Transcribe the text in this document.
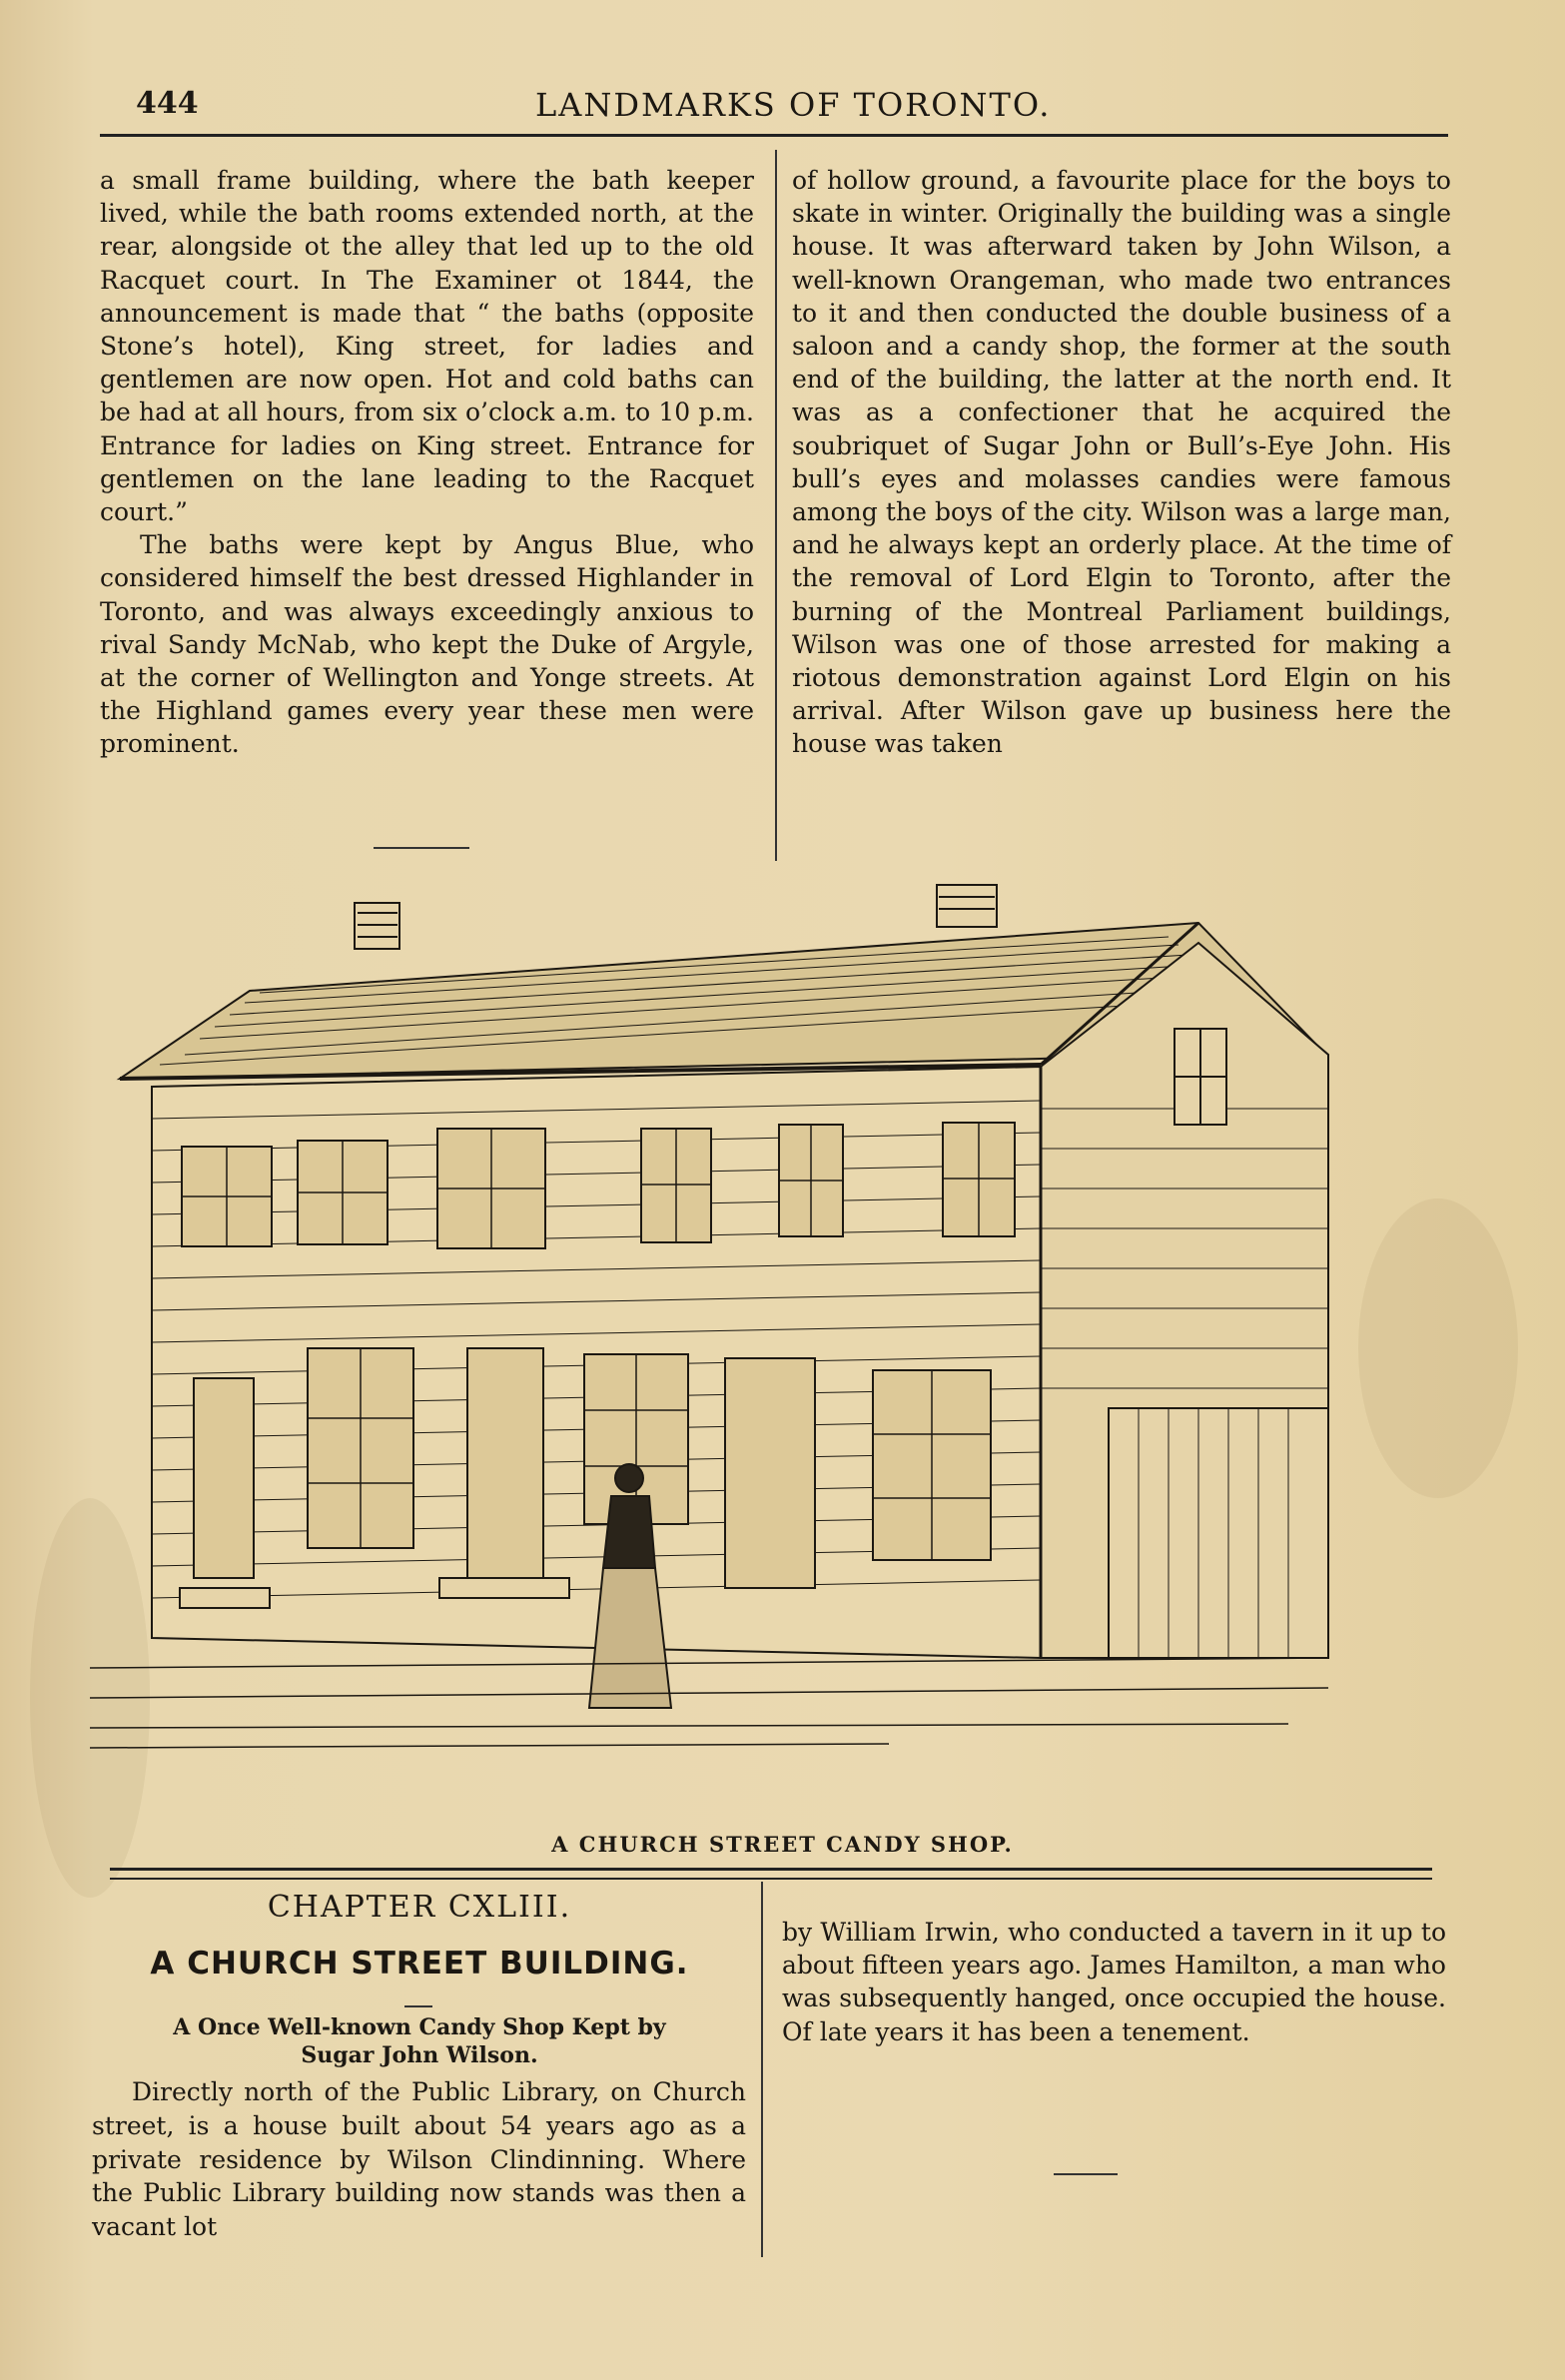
444	LANDMARKS OF TORONTO.

a small frame building, where the bath keeper lived, while the bath rooms extended north, at the rear, alongside ot the alley that led up to the old Racquet court. In The Examiner ot 1844, the announcement is made that “ the baths (opposite Stone’s hotel), King street, for ladies and gentlemen are now open. Hot and cold baths can be had at all hours, from six o’clock a.m. to 10 p.m. Entrance for ladies on King street. Entrance for gentlemen on the lane leading to the Racquet court.”

The baths were kept by Angus Blue, who considered himself the best dressed Highlander in Toronto, and was always exceedingly anxious to rival Sandy McNab, who kept the Duke of Argyle, at the corner of Wellington and Yonge streets. At the Highland games every year these men were prominent.

of hollow ground, a favourite place for the boys to skate in winter. Originally the building was a single house. It was afterward taken by John Wilson, a well-known Orangeman, who made two entrances to it and then conducted the double business of a saloon and a candy shop, the former at the south end of the building, the latter at the north end. It was as a confectioner that he acquired the soubriquet of Sugar John or Bull’s-Eye John. His bull’s eyes and molasses candies were famous among the boys of the city. Wilson was a large man, and he always kept an orderly place. At the time of the removal of Lord Elgin to Toronto, after the burning of the Montreal Parliament buildings, Wilson was one of those arrested for making a riotous demonstration against Lord Elgin on his arrival. After Wilson gave up business here the house was taken

A CHURCH STREET CANDY SHOP.
CHAPTER CXLIII.
A CHURCH STREET BUILDING.
A Once Well-known Candy Shop Kept by
Sugar John Wilson.

Directly north of the Public Library, on Church street, is a house built about 54 years ago as a private residence by Wilson Clindinning. Where the Public Library building now stands was then a vacant lot

by William Irwin, who conducted a tavern in it up to about fifteen years ago. James Hamilton, a man who was subsequently hanged, once occupied the house. Of late years it has been a tenement.
